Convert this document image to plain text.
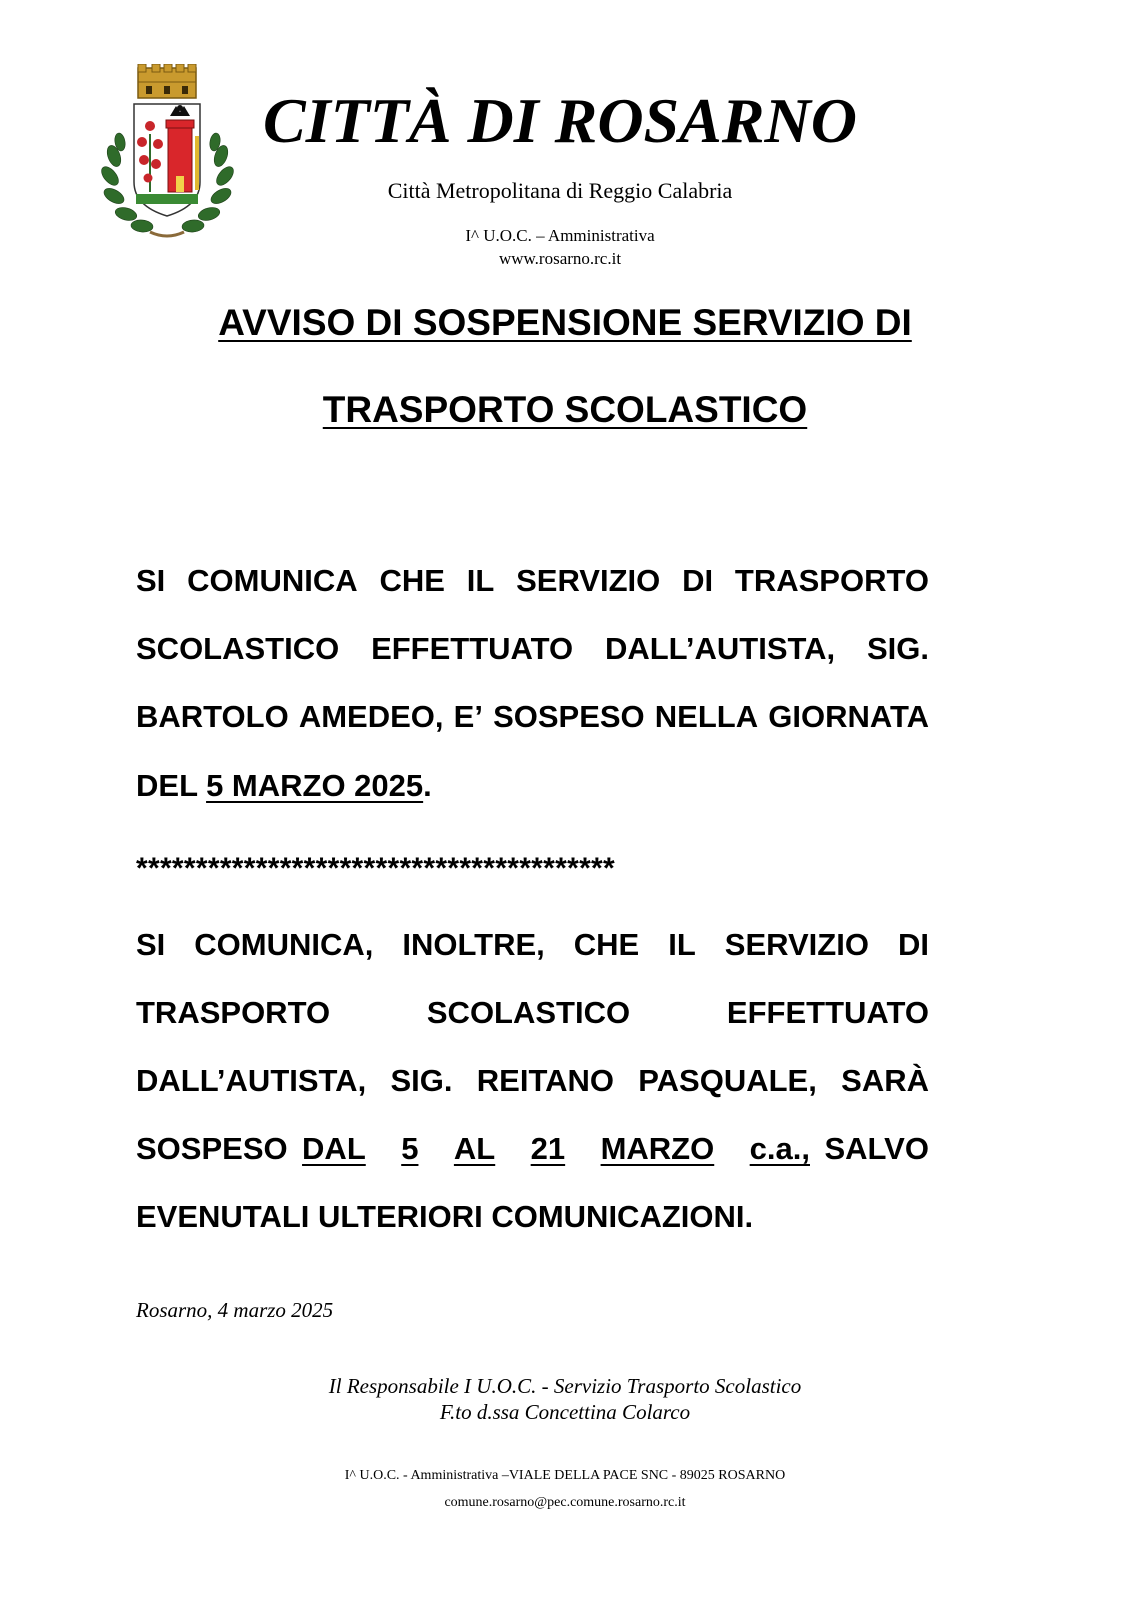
CITTÀ DI ROSARNO
Città Metropolitana di Reggio Calabria
I^ U.O.C. – Amministrativa
www.rosarno.rc.it
AVVISO DI SOSPENSIONE SERVIZIO DI
TRASPORTO SCOLASTICO
SI COMUNICA CHE IL SERVIZIO DI TRASPORTO
SCOLASTICO EFFETTUATO DALL’AUTISTA, SIG.
BARTOLO AMEDEO, E’ SOSPESO NELLA GIORNATA
DEL 5 MARZO 2025 .
****************************************
SI COMUNICA, INOLTRE, CHE IL SERVIZIO DI
TRASPORTO	SCOLASTICO	EFFETTUATO
DALL’AUTISTA, SIG. REITANO PASQUALE, SARÀ
SOSPESO DAL 5 AL 21 MARZO c.a., SALVO
EVENUTALI ULTERIORI COMUNICAZIONI.
Rosarno, 4 marzo 2025
Il Responsabile I U.O.C. - Servizio Trasporto Scolastico
F.to d.ssa Concettina Colarco
I^ U.O.C. - Amministrativa –VIALE DELLA PACE SNC - 89025 ROSARNO
comune.rosarno@pec.comune.rosarno.rc.it
